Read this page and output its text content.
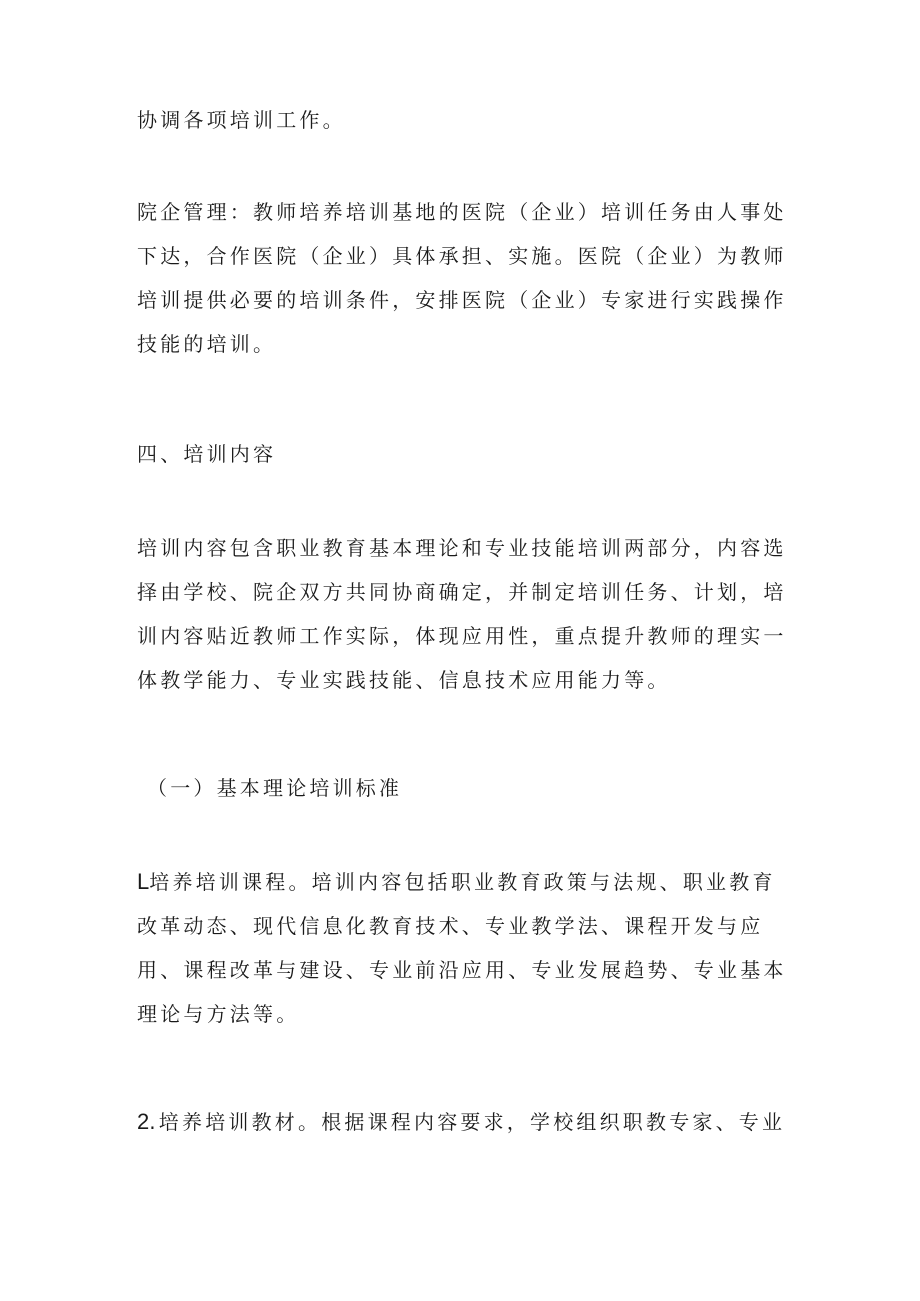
协调各项培训工作。

院企管理：教师培养培训基地的医院（企业）培训任务由人事处
下达，合作医院（企业）具体承担、实施。医院（企业）为教师
培训提供必要的培训条件，安排医院（企业）专家进行实践操作
技能的培训。

四、培训内容

培训内容包含职业教育基本理论和专业技能培训两部分，内容选
择由学校、院企双方共同协商确定，并制定培训任务、计划，培
训内容贴近教师工作实际，体现应用性，重点提升教师的理实一
体教学能力、专业实践技能、信息技术应用能力等。

（一）基本理论培训标准

L培养培训课程。培训内容包括职业教育政策与法规、职业教育
改革动态、现代信息化教育技术、专业教学法、课程开发与应
用、课程改革与建设、专业前沿应用、专业发展趋势、专业基本
理论与方法等。

2.培养培训教材。根据课程内容要求，学校组织职教专家、专业
